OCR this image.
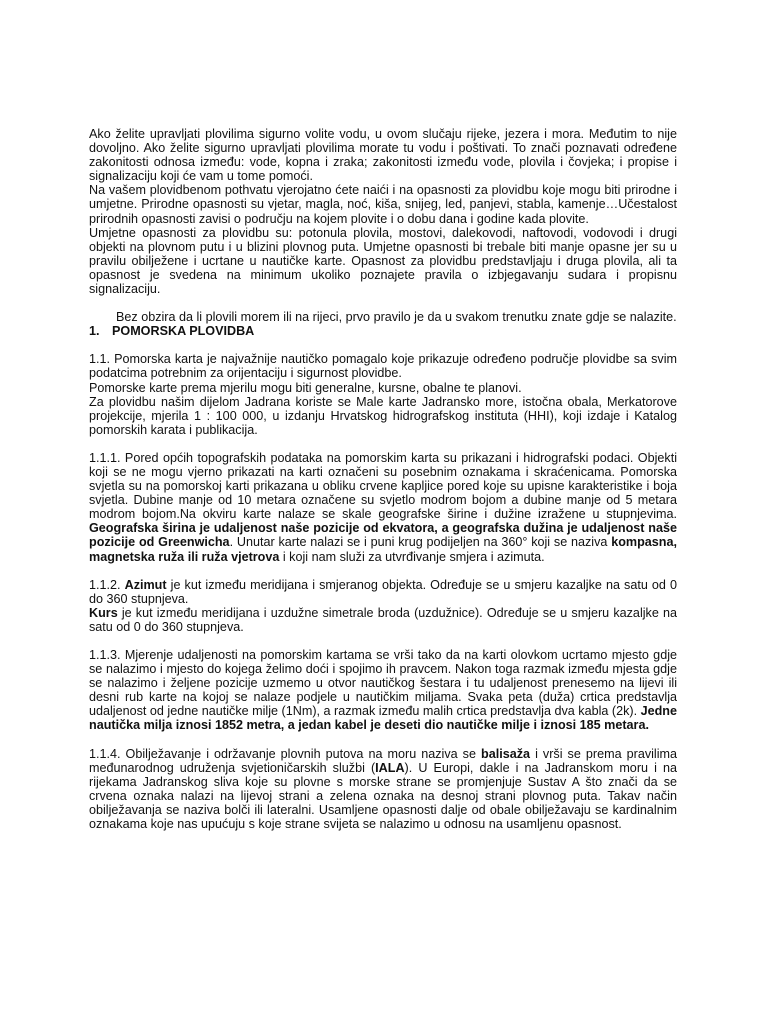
Ako želite upravljati plovilima sigurno volite vodu, u ovom slučaju rijeke, jezera i mora. Međutim to nije dovoljno. Ako želite sigurno upravljati plovilima morate tu vodu i poštivati. To znači poznavati određene zakonitosti odnosa između: vode, kopna i zraka; zakonitosti između vode, plovila i čovjeka; i propise i signalizaciju koji će vam u tome pomoći.

Na vašem plovidbenom pothvatu vjerojatno ćete naići i na opasnosti za plovidbu koje mogu biti prirodne i umjetne. Prirodne opasnosti su vjetar, magla, noć, kiša, snijeg, led, panjevi, stabla, kamenje…Učestalost prirodnih opasnosti zavisi o području na kojem plovite i o dobu dana i godine kada plovite.

Umjetne opasnosti za plovidbu su: potonula plovila, mostovi, dalekovodi, naftovodi, vodovodi i drugi objekti na plovnom putu i u blizini plovnog puta. Umjetne opasnosti bi trebale biti manje opasne jer su u pravilu obilježene i ucrtane u nautičke karte. Opasnost za plovidbu predstavljaju i druga plovila, ali ta opasnost je svedena na minimum ukoliko poznajete pravila o izbjegavanju sudara i propisnu signalizaciju.

Bez obzira da li plovili morem ili na rijeci, prvo pravilo je da u svakom trenutku znate gdje se nalazite.

1. POMORSKA PLOVIDBA

1.1. Pomorska karta je najvažnije nautičko pomagalo koje prikazuje određeno područje plovidbe sa svim podatcima potrebnim za orijentaciju i sigurnost plovidbe.

Pomorske karte prema mjerilu mogu biti generalne, kursne, obalne te planovi.

Za plovidbu našim dijelom Jadrana koriste se Male karte Jadransko more, istočna obala, Merkatorove projekcije, mjerila 1 : 100 000, u izdanju Hrvatskog hidrografskog instituta (HHI), koji izdaje i Katalog pomorskih karata i publikacija.

1.1.1. Pored općih topografskih podataka na pomorskim karta su prikazani i hidrografski podaci. Objekti koji se ne mogu vjerno prikazati na karti označeni su posebnim oznakama i skraćenicama. Pomorska svjetla su na pomorskoj karti prikazana u obliku crvene kapljice pored koje su upisne karakteristike i boja svjetla. Dubine manje od 10 metara označene su svjetlo modrom bojom a dubine manje od 5 metara modrom bojom.Na okviru karte nalaze se skale geografske širine i dužine izražene u stupnjevima. Geografska širina je udaljenost naše pozicije od ekvatora, a geografska dužina je udaljenost naše pozicije od Greenwicha. Unutar karte nalazi se i puni krug podijeljen na 360° koji se naziva kompasna, magnetska ruža ili ruža vjetrova i koji nam služi za utvrđivanje smjera i azimuta.

1.1.2. Azimut je kut između meridijana i smjeranog objekta. Određuje se u smjeru kazaljke na satu od 0 do 360 stupnjeva.

Kurs je kut između meridijana i uzdužne simetrale broda (uzdužnice). Određuje se u smjeru kazaljke na satu od 0 do 360 stupnjeva.

1.1.3. Mjerenje udaljenosti na pomorskim kartama se vrši tako da na karti olovkom ucrtamo mjesto gdje se nalazimo i mjesto do kojega želimo doći i spojimo ih pravcem. Nakon toga razmak između mjesta gdje se nalazimo i željene pozicije uzmemo u otvor nautičkog šestara i tu udaljenost prenesemo na lijevi ili desni rub karte na kojoj se nalaze podjele u nautičkim miljama. Svaka peta (duža) crtica predstavlja udaljenost od jedne nautičke milje (1Nm), a razmak između malih crtica predstavlja dva kabla (2k). Jedne nautička milja iznosi 1852 metra, a jedan kabel je deseti dio nautičke milje i iznosi 185 metara.

1.1.4. Obilježavanje i održavanje plovnih putova na moru naziva se balisaža i vrši se prema pravilima međunarodnog udruženja svjetioničarskih službi (IALA). U Europi, dakle i na Jadranskom moru i na rijekama Jadranskog sliva koje su plovne s morske strane se promjenjuje Sustav A što znači da se crvena oznaka nalazi na lijevoj strani a zelena oznaka na desnoj strani plovnog puta. Takav način obilježavanja se naziva bolči ili lateralni. Usamljene opasnosti dalje od obale obilježavaju se kardinalnim oznakama koje nas upućuju s koje strane svijeta se nalazimo u odnosu na usamljenu opasnost.
